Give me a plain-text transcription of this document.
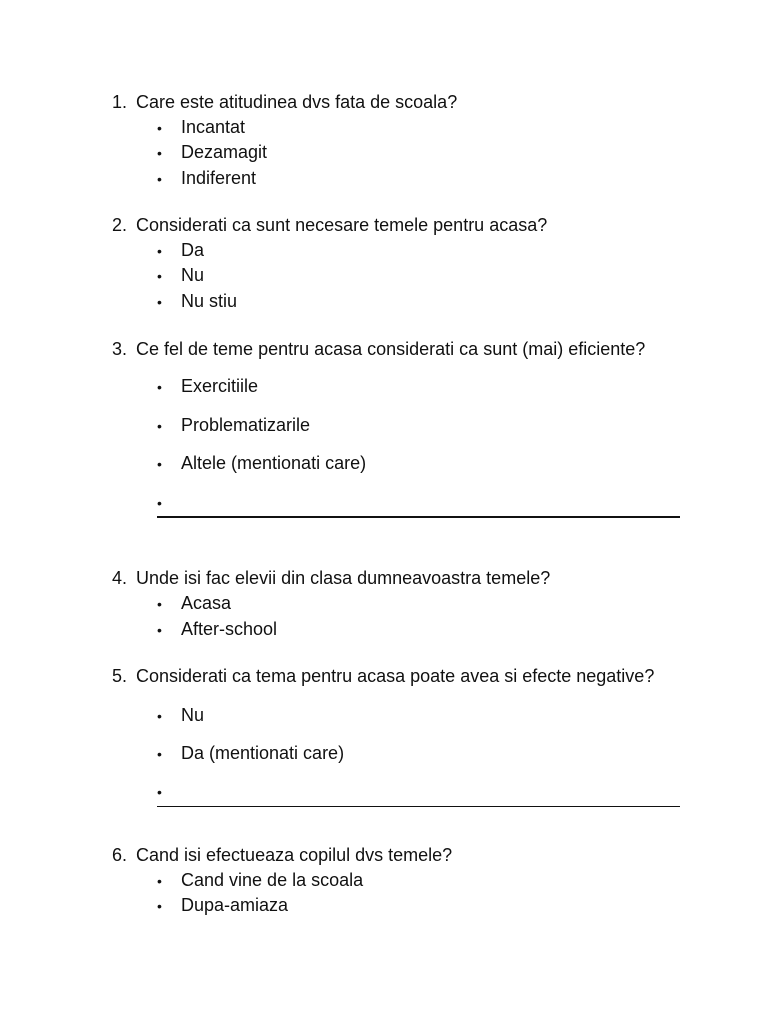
1. Care este atitudinea dvs fata de scoala?
• Incantat
• Dezamagit
• Indiferent
2. Considerati ca sunt necesare temele pentru acasa?
• Da
• Nu
• Nu stiu
3. Ce fel de teme pentru acasa considerati ca sunt (mai) eficiente?
• Exercitiile
• Problematizarile
• Altele (mentionati care)
•
4. Unde isi fac elevii din clasa dumneavoastra temele?
• Acasa
• After-school
5. Considerati ca tema pentru acasa poate avea si efecte negative?
• Nu
• Da (mentionati care)
•
6. Cand isi efectueaza copilul dvs temele?
• Cand vine de la scoala
• Dupa-amiaza
